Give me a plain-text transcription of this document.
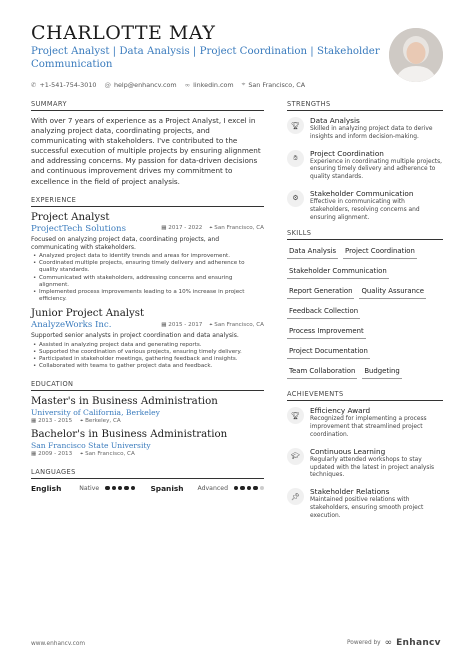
CHARLOTTE MAY
Project Analyst | Data Analysis | Project Coordination | Stakeholder Communication
✆ +1-541-754-3010 @ help@enhancv.com ∞ linkedin.com ⌖ San Francisco, CA
SUMMARY
With over 7 years of experience as a Project Analyst, I excel in analyzing project data, coordinating projects, and communicating with stakeholders. I've contributed to the successful execution of multiple projects by ensuring alignment and addressing concerns. My passion for data-driven decisions and continuous improvement drives my commitment to excellence in the field of project analysis.
EXPERIENCE
Project Analyst
ProjectTech Solutions	▦ 2017 - 2022 ⌖ San Francisco, CA
Focused on analyzing project data, coordinating projects, and communicating with stakeholders.
• Analyzed project data to identify trends and areas for improvement.
• Coordinated multiple projects, ensuring timely delivery and adherence to quality standards.
• Communicated with stakeholders, addressing concerns and ensuring alignment.
• Implemented process improvements leading to a 10% increase in project efficiency.
Junior Project Analyst
AnalyzeWorks Inc.	▦ 2015 - 2017 ⌖ San Francisco, CA
Supported senior analysts in project coordination and data analysis.
• Assisted in analyzing project data and generating reports.
• Supported the coordination of various projects, ensuring timely delivery.
• Participated in stakeholder meetings, gathering feedback and insights.
• Collaborated with teams to gather project data and feedback.
EDUCATION
Master's in Business Administration
University of California, Berkeley
▦ 2013 - 2015 ⌖ Berkeley, CA
Bachelor's in Business Administration
San Francisco State University
▦ 2009 - 2013 ⌖ San Francisco, CA
LANGUAGES
English	Native	Spanish Advanced
STRENGTHS
🏆︎
Data Analysis
Skilled in analyzing project data to derive insights and inform decision-making.
✋︎	Project Coordination
Experience in coordinating multiple projects, ensuring timely delivery and adherence to quality standards.
⚙︎
Stakeholder Communication
Effective in communicating with stakeholders, resolving concerns and ensuring alignment.
SKILLS
Data Analysis Project Coordination
Stakeholder Communication
Report Generation Quality Assurance
Feedback Collection
Process Improvement
Project Documentation
Team Collaboration Budgeting
ACHIEVEMENTS
🏆︎
Efficiency Award
Recognized for implementing a process improvement that streamlined project coordination.
🎓︎
Continuous Learning
Regularly attended workshops to stay updated with the latest in project analysis techniques.
📌︎
Stakeholder Relations
Maintained positive relations with stakeholders, ensuring smooth project execution.
www.enhancv.com	Powered by ∞ Enhancv
